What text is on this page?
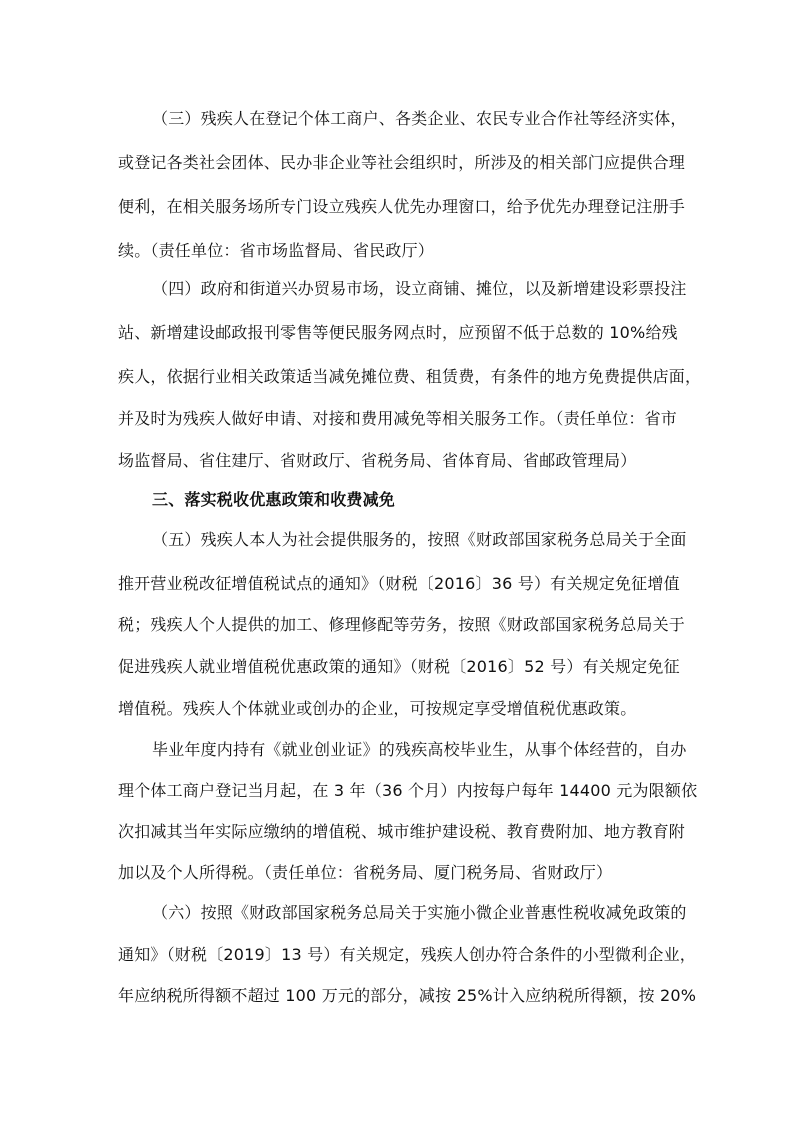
（三）残疾人在登记个体工商户、各类企业、农民专业合作社等经济实体，
或登记各类社会团体、民办非企业等社会组织时，所涉及的相关部门应提供合理
便利，在相关服务场所专门设立残疾人优先办理窗口，给予优先办理登记注册手
续。（责任单位：省市场监督局、省民政厅）
（四）政府和街道兴办贸易市场，设立商铺、摊位，以及新增建设彩票投注
站、新增建设邮政报刊零售等便民服务网点时，应预留不低于总数的 10%给残
疾人，依据行业相关政策适当减免摊位费、租赁费，有条件的地方免费提供店面，
并及时为残疾人做好申请、对接和费用减免等相关服务工作。（责任单位：省市
场监督局、省住建厅、省财政厅、省税务局、省体育局、省邮政管理局）
三、落实税收优惠政策和收费减免
（五）残疾人本人为社会提供服务的，按照《财政部国家税务总局关于全面
推开营业税改征增值税试点的通知》（财税〔2016〕36 号）有关规定免征增值
税；残疾人个人提供的加工、修理修配等劳务，按照《财政部国家税务总局关于
促进残疾人就业增值税优惠政策的通知》（财税〔2016〕52 号）有关规定免征
增值税。残疾人个体就业或创办的企业，可按规定享受增值税优惠政策。
毕业年度内持有《就业创业证》的残疾高校毕业生，从事个体经营的，自办
理个体工商户登记当月起，在 3 年（36 个月）内按每户每年 14400 元为限额依
次扣减其当年实际应缴纳的增值税、城市维护建设税、教育费附加、地方教育附
加以及个人所得税。（责任单位：省税务局、厦门税务局、省财政厅）
（六）按照《财政部国家税务总局关于实施小微企业普惠性税收减免政策的
通知》（财税〔2019〕13 号）有关规定，残疾人创办符合条件的小型微利企业，
年应纳税所得额不超过 100 万元的部分，减按 25%计入应纳税所得额，按 20%
